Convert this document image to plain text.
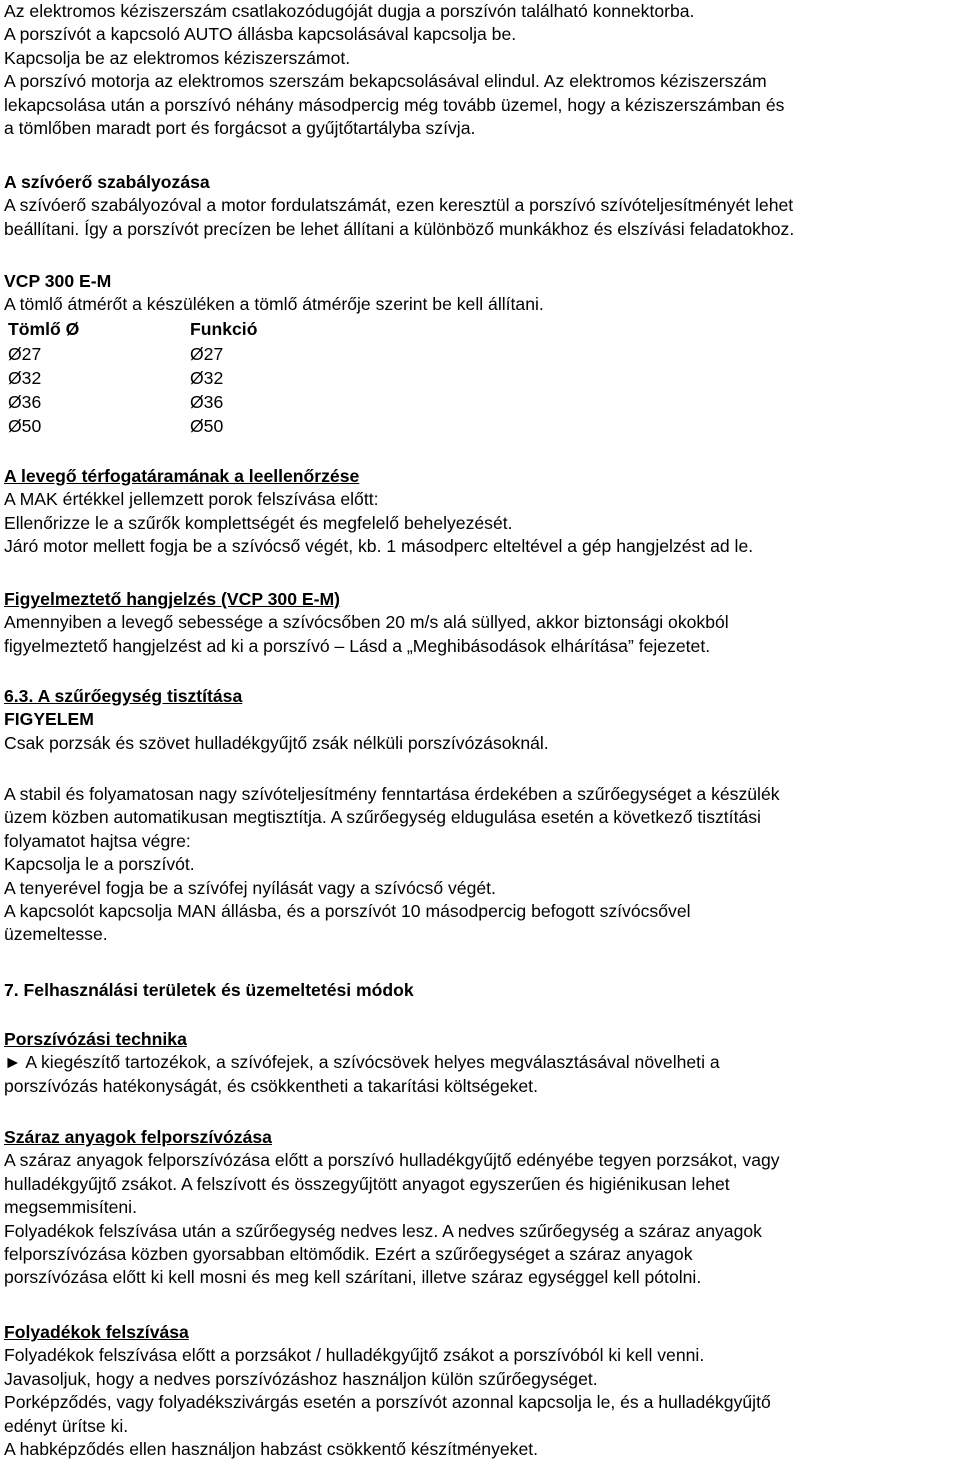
Az elektromos kéziszerszám csatlakozódugóját dugja a porszívón található konnektorba.
A porszívót a kapcsoló AUTO állásba kapcsolásával kapcsolja be.
Kapcsolja be az elektromos kéziszerszámot.
A porszívó motorja az elektromos szerszám bekapcsolásával elindul. Az elektromos kéziszerszám
lekapcsolása után a porszívó néhány másodpercig még tovább üzemel, hogy a kéziszerszámban és
a tömlőben maradt port és forgácsot a gyűjtőtartályba szívja.
A szívóerő szabályozása
A szívóerő szabályozóval a motor fordulatszámát, ezen keresztül a porszívó szívóteljesítményét lehet
beállítani. Így a porszívót precízen be lehet állítani a különböző munkákhoz és elszívási feladatokhoz.
VCP 300 E-M
A tömlő átmérőt a készüléken a tömlő átmérője szerint be kell állítani.
Tömlő Ø	Funkció
Ø27	Ø27
Ø32	Ø32
Ø36	Ø36
Ø50	Ø50
A levegő térfogatáramának a leellenőrzése
A MAK értékkel jellemzett porok felszívása előtt:
Ellenőrizze le a szűrők komplettségét és megfelelő behelyezését.
Járó motor mellett fogja be a szívócső végét, kb. 1 másodperc elteltével a gép hangjelzést ad le.
Figyelmeztető hangjelzés (VCP 300 E-M)
Amennyiben a levegő sebessége a szívócsőben 20 m/s alá süllyed, akkor biztonsági okokból
figyelmeztető hangjelzést ad ki a porszívó – Lásd a „Meghibásodások elhárítása” fejezetet.
6.3. A szűrőegység tisztítása
FIGYELEM
Csak porzsák és szövet hulladékgyűjtő zsák nélküli porszívózásoknál.
A stabil és folyamatosan nagy szívóteljesítmény fenntartása érdekében a szűrőegységet a készülék
üzem közben automatikusan megtisztítja. A szűrőegység eldugulása esetén a következő tisztítási
folyamatot hajtsa végre:
Kapcsolja le a porszívót.
A tenyerével fogja be a szívófej nyílását vagy a szívócső végét.
A kapcsolót kapcsolja MAN állásba, és a porszívót 10 másodpercig befogott szívócsővel
üzemeltesse.
7. Felhasználási területek és üzemeltetési módok
Porszívózási technika
► A kiegészítő tartozékok, a szívófejek, a szívócsövek helyes megválasztásával növelheti a
porszívózás hatékonyságát, és csökkentheti a takarítási költségeket.
Száraz anyagok felporszívózása
A száraz anyagok felporszívózása előtt a porszívó hulladékgyűjtő edényébe tegyen porzsákot, vagy
hulladékgyűjtő zsákot. A felszívott és összegyűjtött anyagot egyszerűen és higiénikusan lehet
megsemmisíteni.
Folyadékok felszívása után a szűrőegység nedves lesz. A nedves szűrőegység a száraz anyagok
felporszívózása közben gyorsabban eltömődik. Ezért a szűrőegységet a száraz anyagok
porszívózása előtt ki kell mosni és meg kell szárítani, illetve száraz egységgel kell pótolni.
Folyadékok felszívása
Folyadékok felszívása előtt a porzsákot / hulladékgyűjtő zsákot a porszívóból ki kell venni.
Javasoljuk, hogy a nedves porszívózáshoz használjon külön szűrőegységet.
Porképződés, vagy folyadékszivárgás esetén a porszívót azonnal kapcsolja le, és a hulladékgyűjtő
edényt ürítse ki.
A habképződés ellen használjon habzást csökkentő készítményeket.
